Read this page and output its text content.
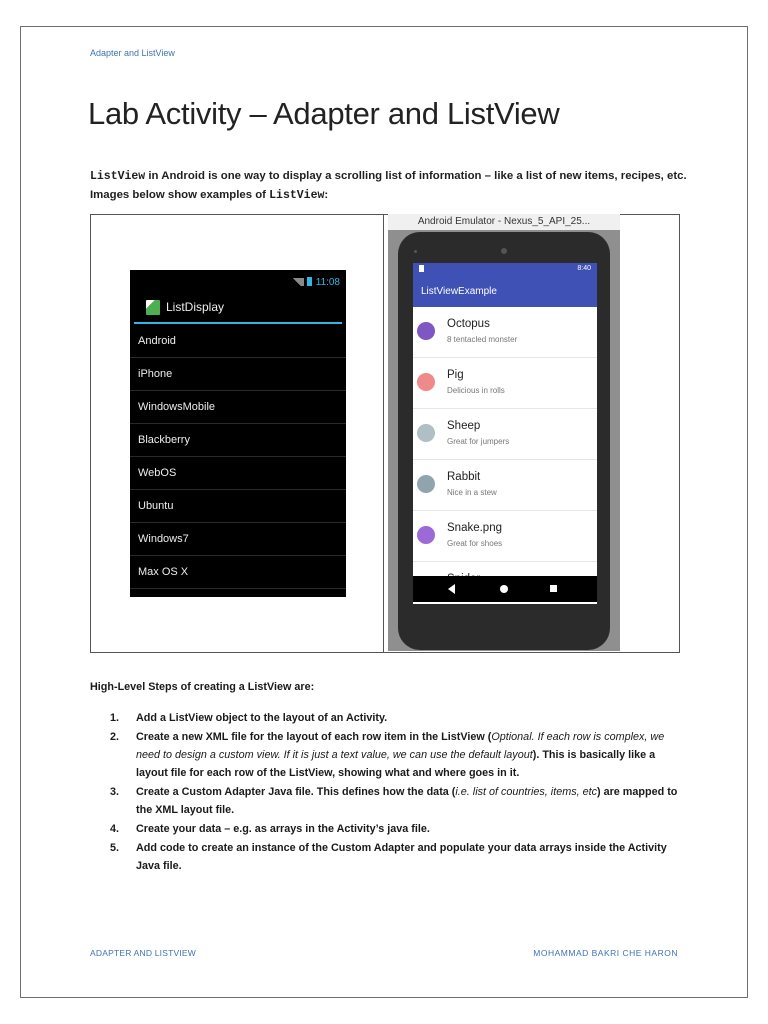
Adapter and ListView
Lab Activity – Adapter and ListView
ListView in Android is one way to display a scrolling list of information – like a list of new items, recipes, etc. Images below show examples of ListView:
11:08
ListDisplay
Android
iPhone
WindowsMobile
Blackberry
WebOS
Ubuntu
Windows7
Max OS X
Android Emulator - Nexus_5_API_25...
8:40
ListViewExample
Octopus
8 tentacled monster
Pig
Delicious in rolls
Sheep
Great for jumpers
Rabbit
Nice in a stew
Snake.png
Great for shoes
High-Level Steps of creating a ListView are:
1. Add a ListView object to the layout of an Activity.
2. Create a new XML file for the layout of each row item in the ListView (Optional. If each row is complex, we need to design a custom view. If it is just a text value, we can use the default layout). This is basically like a layout file for each row of the ListView, showing what and where goes in it.
3. Create a Custom Adapter Java file. This defines how the data (i.e. list of countries, items, etc) are mapped to the XML layout file.
4. Create your data – e.g. as arrays in the Activity’s java file.
5. Add code to create an instance of the Custom Adapter and populate your data arrays inside the Activity Java file.
ADAPTER AND LISTVIEW	MOHAMMAD BAKRI CHE HARON
